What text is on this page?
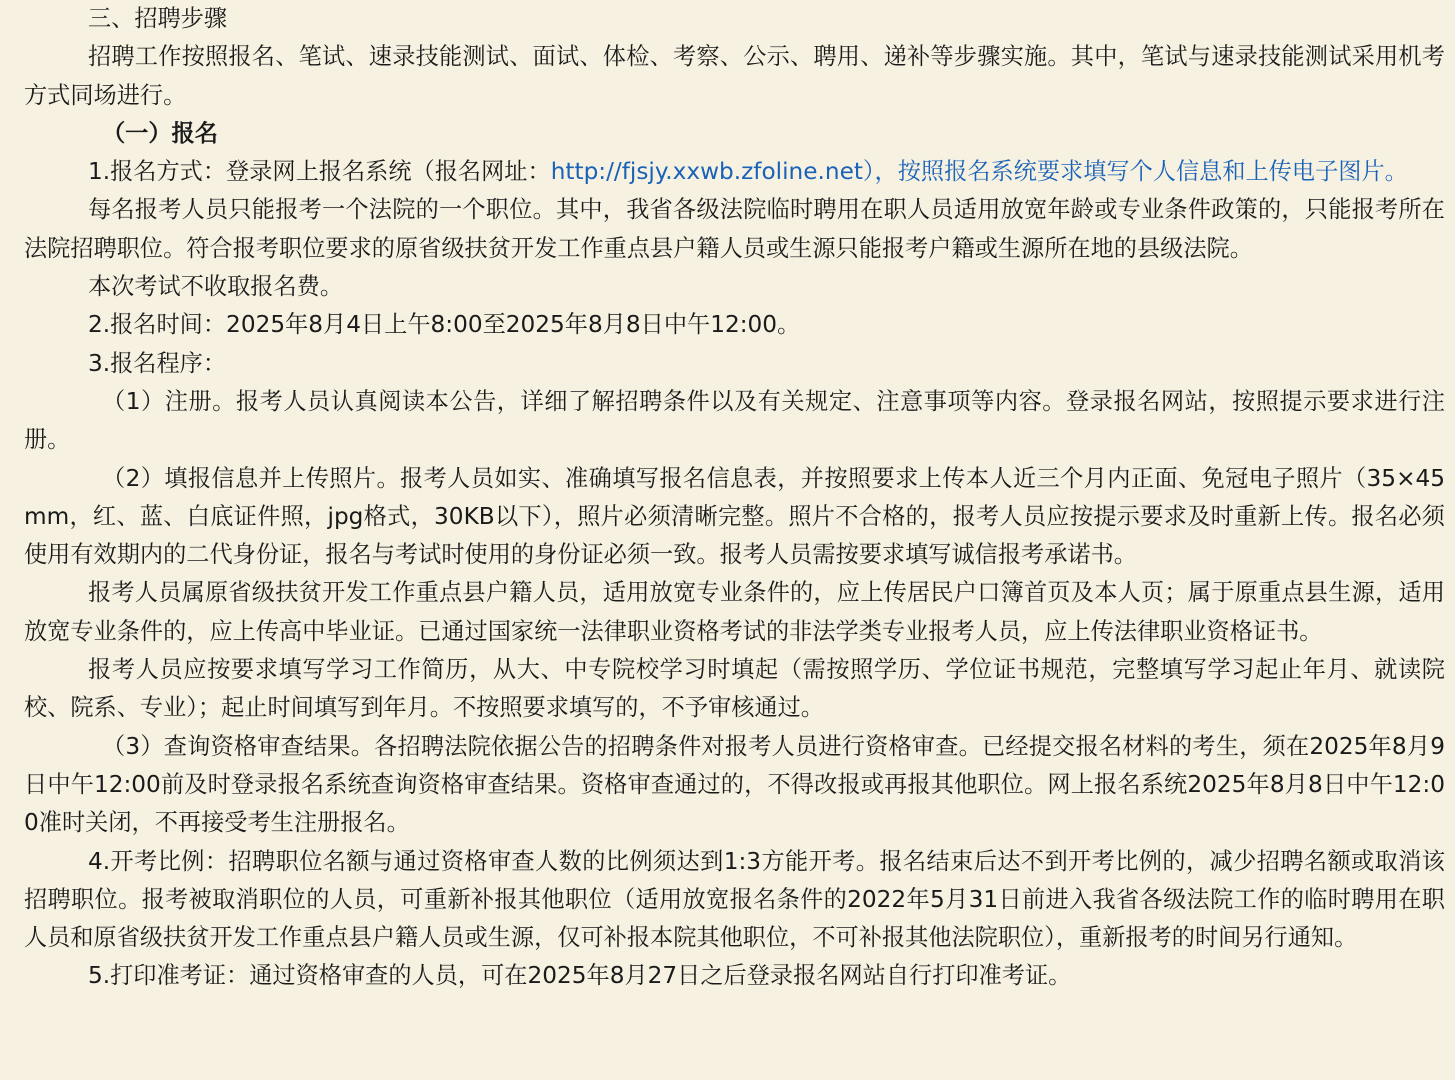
三、招聘步骤

招聘工作按照报名、笔试、速录技能测试、面试、体检、考察、公示、聘用、递补等步骤实施。其中，笔试与速录技能测试采用机考方式同场进行。

（一）报名

1.报名方式：登录网上报名系统（报名网址：http://fjsjy.xxwb.zfoline.net），按照报名系统要求填写个人信息和上传电子图片。

每名报考人员只能报考一个法院的一个职位。其中，我省各级法院临时聘用在职人员适用放宽年龄或专业条件政策的，只能报考所在法院招聘职位。符合报考职位要求的原省级扶贫开发工作重点县户籍人员或生源只能报考户籍或生源所在地的县级法院。

本次考试不收取报名费。

2.报名时间：2025年8月4日上午8:00至2025年8月8日中午12:00。

3.报名程序：

（1）注册。报考人员认真阅读本公告，详细了解招聘条件以及有关规定、注意事项等内容。登录报名网站，按照提示要求进行注册。

（2）填报信息并上传照片。报考人员如实、准确填写报名信息表，并按照要求上传本人近三个月内正面、免冠电子照片（35×45mm，红、蓝、白底证件照，jpg格式，30KB以下），照片必须清晰完整。照片不合格的，报考人员应按提示要求及时重新上传。报名必须使用有效期内的二代身份证，报名与考试时使用的身份证必须一致。报考人员需按要求填写诚信报考承诺书。

报考人员属原省级扶贫开发工作重点县户籍人员，适用放宽专业条件的，应上传居民户口簿首页及本人页；属于原重点县生源，适用放宽专业条件的，应上传高中毕业证。已通过国家统一法律职业资格考试的非法学类专业报考人员，应上传法律职业资格证书。

报考人员应按要求填写学习工作简历，从大、中专院校学习时填起（需按照学历、学位证书规范，完整填写学习起止年月、就读院校、院系、专业）；起止时间填写到年月。不按照要求填写的，不予审核通过。

（3）查询资格审查结果。各招聘法院依据公告的招聘条件对报考人员进行资格审查。已经提交报名材料的考生，须在2025年8月9日中午12:00前及时登录报名系统查询资格审查结果。资格审查通过的，不得改报或再报其他职位。网上报名系统2025年8月8日中午12:00准时关闭，不再接受考生注册报名。

4.开考比例：招聘职位名额与通过资格审查人数的比例须达到1:3方能开考。报名结束后达不到开考比例的，减少招聘名额或取消该招聘职位。报考被取消职位的人员，可重新补报其他职位（适用放宽报名条件的2022年5月31日前进入我省各级法院工作的临时聘用在职人员和原省级扶贫开发工作重点县户籍人员或生源，仅可补报本院其他职位，不可补报其他法院职位），重新报考的时间另行通知。

5.打印准考证：通过资格审查的人员，可在2025年8月27日之后登录报名网站自行打印准考证。
